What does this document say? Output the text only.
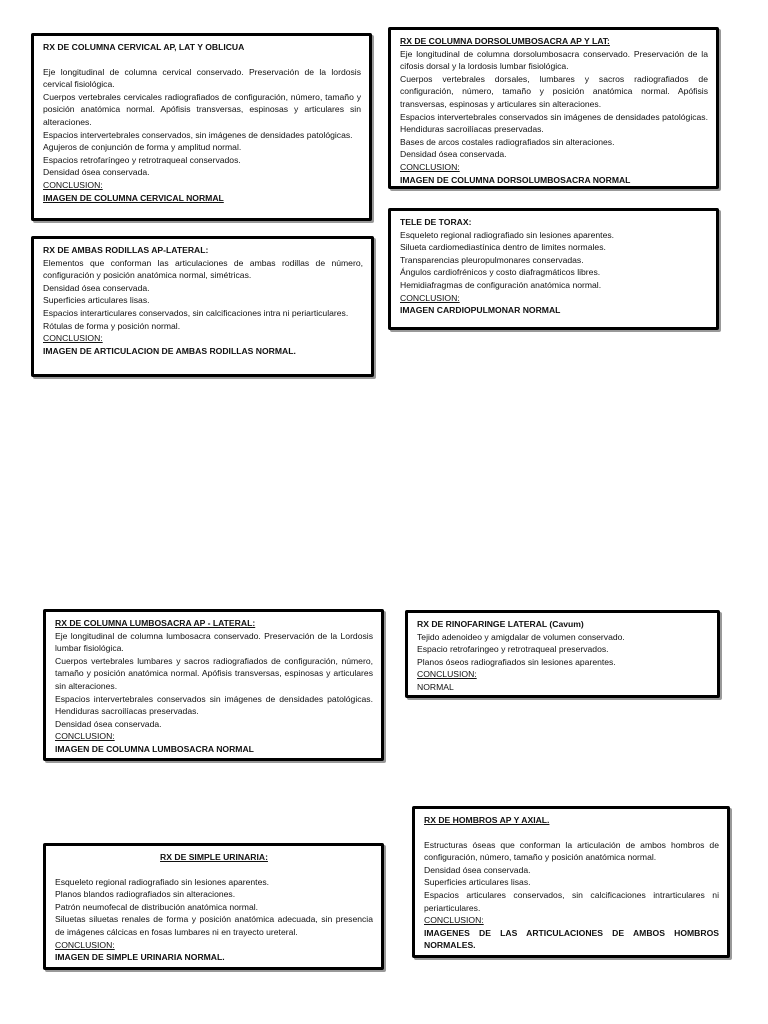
RX DE COLUMNA CERVICAL AP, LAT Y OBLICUA

Eje longitudinal de columna cervical conservado. Preservación de la lordosis cervical fisiológica.

Cuerpos vertebrales cervicales radiografiados de configuración, número, tamaño y posición anatómica normal. Apófisis transversas, espinosas y articulares sin alteraciones.

Espacios intervertebrales conservados, sin imágenes de densidades patológicas.

Agujeros de conjunción de forma y amplitud normal.

Espacios retrofaríngeo y retrotraqueal conservados.

Densidad ósea conservada.

CONCLUSION:

IMAGEN DE COLUMNA CERVICAL NORMAL

RX DE COLUMNA DORSOLUMBOSACRA AP Y LAT:

Eje longitudinal de columna dorsolumbosacra conservado. Preservación de la cifosis dorsal y la lordosis lumbar fisiológica.

Cuerpos vertebrales dorsales, lumbares y sacros radiografiados de configuración, número, tamaño y posición anatómica normal. Apófisis transversas, espinosas y articulares sin alteraciones.

Espacios intervertebrales conservados sin imágenes de densidades patológicas. Hendiduras sacroilíacas preservadas.

Bases de arcos costales radiografiados sin alteraciones.

Densidad ósea conservada.

CONCLUSION:

IMAGEN DE COLUMNA DORSOLUMBOSACRA NORMAL

TELE DE TORAX:

Esqueleto regional radiografiado sin lesiones aparentes.

Silueta cardiomediastínica dentro de limites normales.

Transparencias pleuropulmonares conservadas.

Ángulos cardiofrénicos y costo diafragmáticos libres.

Hemidiafragmas de configuración anatómica normal.

CONCLUSION:

IMAGEN CARDIOPULMONAR NORMAL

RX DE AMBAS RODILLAS AP-LATERAL:

Elementos que conforman las articulaciones de ambas rodillas de número, configuración y posición anatómica normal, simétricas.

Densidad ósea conservada.

Superficies articulares lisas.

Espacios interarticulares conservados, sin calcificaciones intra ni periarticulares.

Rótulas de forma y posición normal.

CONCLUSION:

IMAGEN DE ARTICULACION DE AMBAS RODILLAS NORMAL.

RX DE COLUMNA LUMBOSACRA AP - LATERAL:

Eje longitudinal de columna lumbosacra conservado. Preservación de la Lordosis lumbar fisiológica.

Cuerpos vertebrales lumbares y sacros radiografiados de configuración, número, tamaño y posición anatómica normal. Apófisis transversas, espinosas y articulares sin alteraciones.

Espacios intervertebrales conservados sin imágenes de densidades patológicas. Hendiduras sacroilíacas preservadas.

Densidad ósea conservada.

CONCLUSION:

IMAGEN DE COLUMNA LUMBOSACRA NORMAL

RX DE RINOFARINGE LATERAL (Cavum)

Tejido adenoideo y amigdalar de volumen conservado.

Espacio retrofaringeo y retrotraqueal preservados.

Planos óseos radiografiados sin lesiones aparentes.

CONCLUSION:

NORMAL

RX DE HOMBROS AP Y AXIAL.

Estructuras óseas que conforman la articulación de ambos hombros de configuración, número, tamaño y posición anatómica normal.

Densidad ósea conservada.

Superficies articulares lisas.

Espacios articulares conservados, sin calcificaciones intrarticulares ni periarticulares.

CONCLUSION:

IMAGENES DE LAS ARTICULACIONES DE AMBOS HOMBROS NORMALES.

RX DE SIMPLE URINARIA:

Esqueleto regional radiografiado sin lesiones aparentes.

Planos blandos radiografiados sin alteraciones.

Patrón neumofecal de distribución anatómica normal.

Siluetas siluetas renales de forma y posición anatómica adecuada, sin presencia de imágenes cálcicas en fosas lumbares ni en trayecto ureteral.

CONCLUSION:

IMAGEN DE SIMPLE URINARIA NORMAL.
